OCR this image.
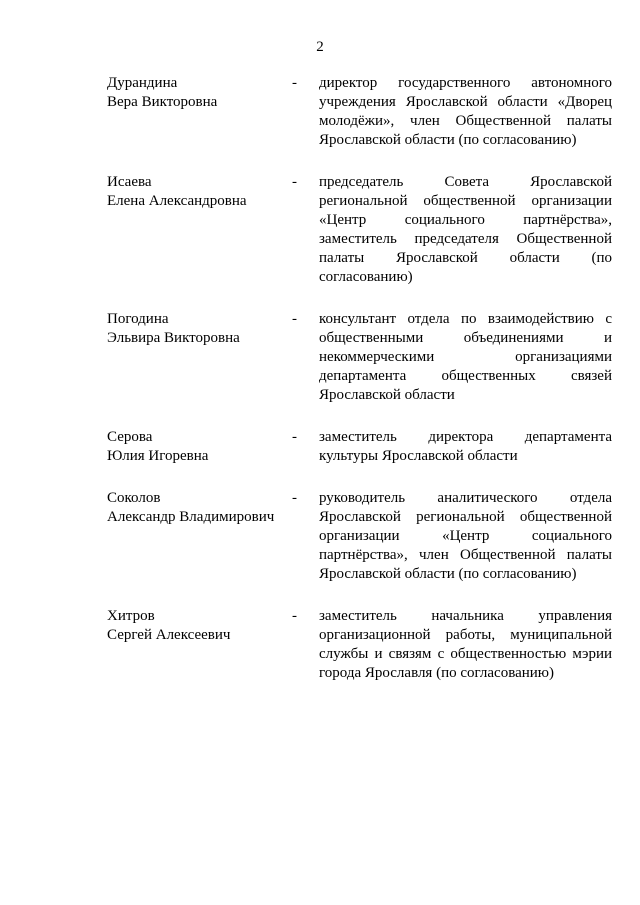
2
Дурандина
Вера Викторовна
-	директор государственного автономного учреждения Ярославской области «Дворец молодёжи», член Общественной палаты Ярославской области (по согласованию)
Исаева
Елена Александровна
-	председатель Совета Ярославской региональной общественной организации «Центр социального партнёрства», заместитель председателя Общественной палаты Ярославской области (по согласованию)
Погодина
Эльвира Викторовна
-	консультант отдела по взаимодействию с общественными объединениями и некоммерческими организациями департамента общественных связей Ярославской области
Серова
Юлия Игоревна
-	заместитель директора департамента культуры Ярославской области
Соколов
Александр Владимирович
-	руководитель аналитического отдела Ярославской региональной общественной организации «Центр социального партнёрства», член Общественной палаты Ярославской области (по согласованию)
Хитров
Сергей Алексеевич
-	заместитель начальника управления организационной работы, муниципальной службы и связям с общественностью мэрии города Ярославля (по согласованию)
